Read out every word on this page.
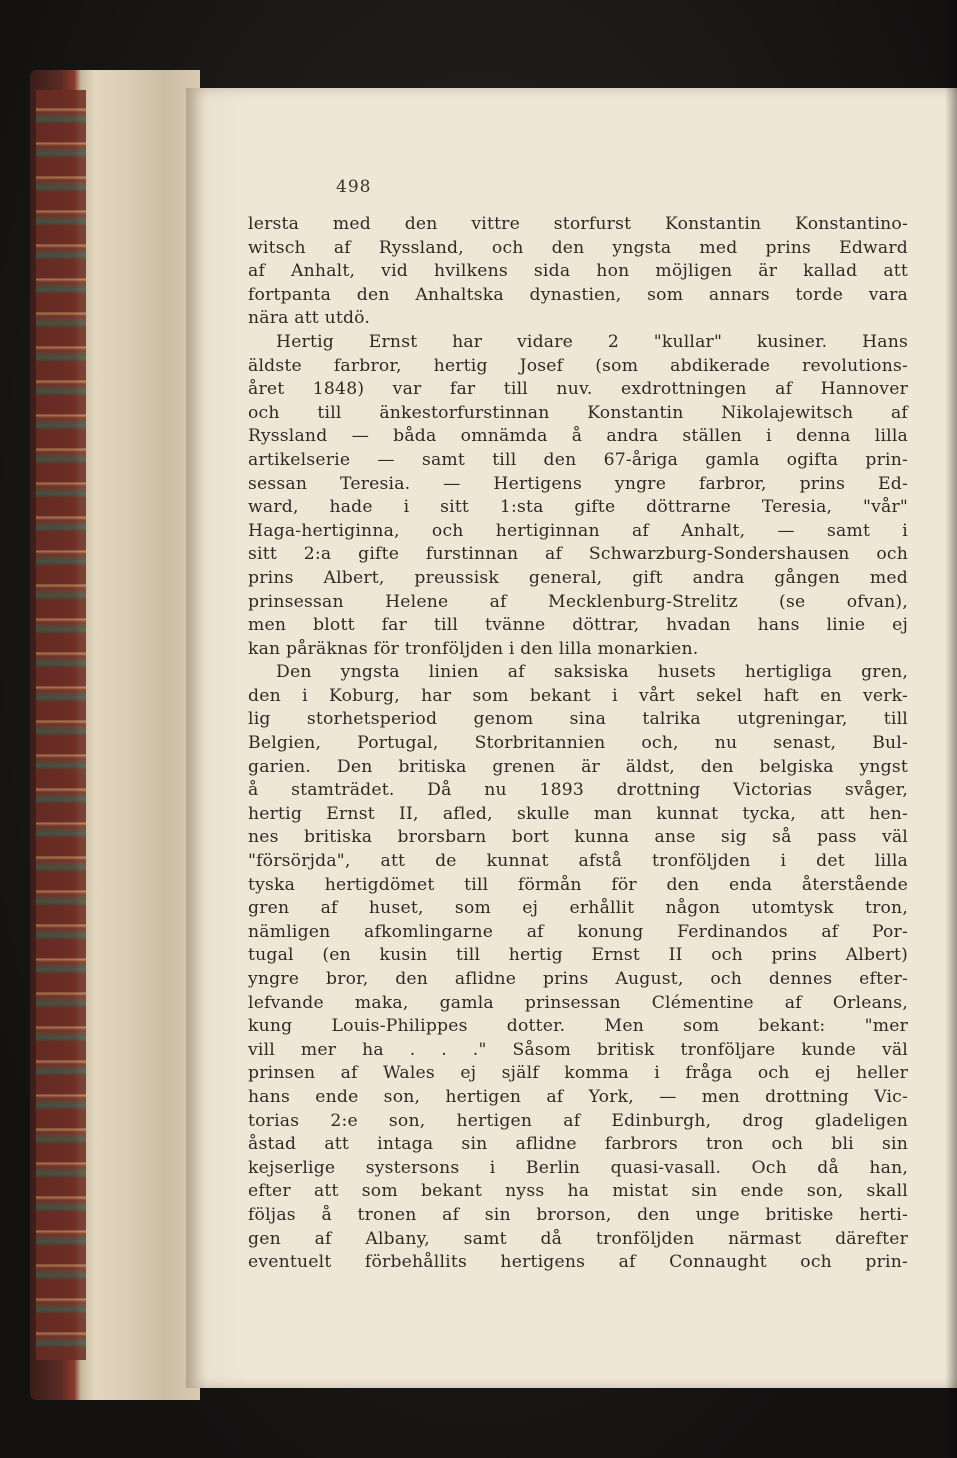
498

lersta med den vittre storfurst Konstantin Konstantino-
witsch af Ryssland, och den yngsta med prins Edward
af Anhalt, vid hvilkens sida hon möjligen är kallad att
fortpanta den Anhaltska dynastien, som annars torde vara
nära att utdö.
Hertig Ernst har vidare 2 "kullar" kusiner. Hans
äldste farbror, hertig Josef (som abdikerade revolutions-
året 1848) var far till nuv. exdrottningen af Hannover
och till änkestorfurstinnan Konstantin Nikolajewitsch af
Ryssland — båda omnämda å andra ställen i denna lilla
artikelserie — samt till den 67-åriga gamla ogifta prin-
sessan Teresia. — Hertigens yngre farbror, prins Ed-
ward, hade i sitt 1:sta gifte döttrarne Teresia, "vår"
Haga-hertiginna, och hertiginnan af Anhalt, — samt i
sitt 2:a gifte furstinnan af Schwarzburg-Sondershausen och
prins Albert, preussisk general, gift andra gången med
prinsessan Helene af Mecklenburg-Strelitz (se ofvan),
men blott far till tvänne döttrar, hvadan hans linie ej
kan påräknas för tronföljden i den lilla monarkien.
Den yngsta linien af saksiska husets hertigliga gren,
den i Koburg, har som bekant i vårt sekel haft en verk-
lig storhetsperiod genom sina talrika utgreningar, till
Belgien, Portugal, Storbritannien och, nu senast, Bul-
garien. Den britiska grenen är äldst, den belgiska yngst
å stamträdet. Då nu 1893 drottning Victorias svåger,
hertig Ernst II, afled, skulle man kunnat tycka, att hen-
nes britiska brorsbarn bort kunna anse sig så pass väl
"försörjda", att de kunnat afstå tronföljden i det lilla
tyska hertigdömet till förmån för den enda återstående
gren af huset, som ej erhållit någon utomtysk tron,
nämligen afkomlingarne af konung Ferdinandos af Por-
tugal (en kusin till hertig Ernst II och prins Albert)
yngre bror, den aflidne prins August, och dennes efter-
lefvande maka, gamla prinsessan Clémentine af Orleans,
kung Louis-Philippes dotter. Men som bekant: "mer
vill mer ha . . ." Såsom britisk tronföljare kunde väl
prinsen af Wales ej själf komma i fråga och ej heller
hans ende son, hertigen af York, — men drottning Vic-
torias 2:e son, hertigen af Edinburgh, drog gladeligen
åstad att intaga sin aflidne farbrors tron och bli sin
kejserlige systersons i Berlin quasi-vasall. Och då han,
efter att som bekant nyss ha mistat sin ende son, skall
följas å tronen af sin brorson, den unge britiske herti-
gen af Albany, samt då tronföljden närmast därefter
eventuelt förbehållits hertigens af Connaught och prin-
